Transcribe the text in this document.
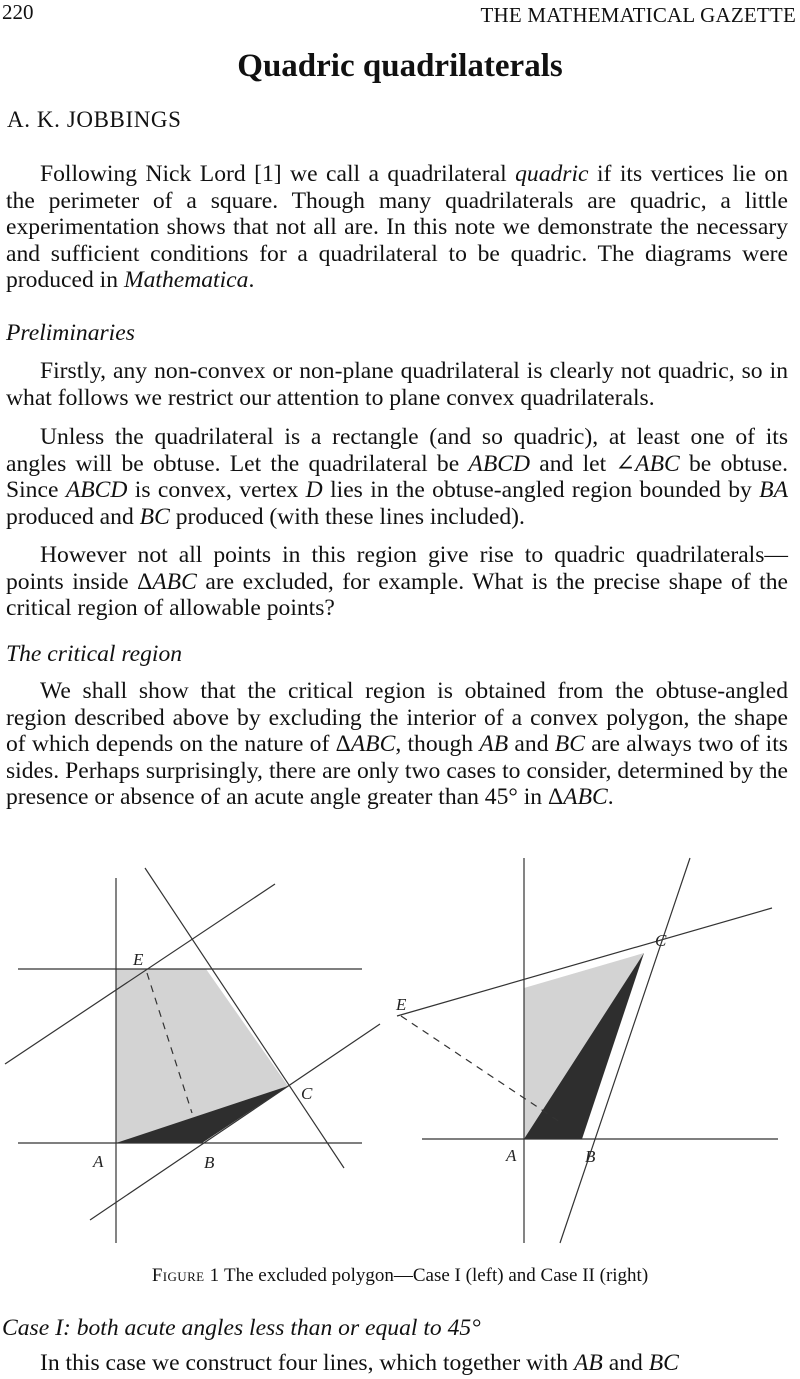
220	THE MATHEMATICAL GAZETTE
Quadric quadrilaterals
A. K. JOBBINGS

Following Nick Lord [1] we call a quadrilateral quadric if its vertices lie on the perimeter of a square. Though many quadrilaterals are quadric, a little experimentation shows that not all are. In this note we demonstrate the necessary and sufficient conditions for a quadrilateral to be quadric. The diagrams were produced in Mathematica.

Preliminaries

Firstly, any non-convex or non-plane quadrilateral is clearly not quadric, so in what follows we restrict our attention to plane convex quadrilaterals.

Unless the quadrilateral is a rectangle (and so quadric), at least one of its angles will be obtuse. Let the quadrilateral be ABCD and let ∠ABC be obtuse. Since ABCD is convex, vertex D lies in the obtuse-angled region bounded by BA produced and BC produced (with these lines included).

However not all points in this region give rise to quadric quadrilaterals—points inside ΔABC are excluded, for example. What is the precise shape of the critical region of allowable points?

The critical region

We shall show that the critical region is obtained from the obtuse-angled region described above by excluding the interior of a convex polygon, the shape of which depends on the nature of ΔABC, though AB and BC are always two of its sides. Perhaps surprisingly, there are only two cases to consider, determined by the presence or absence of an acute angle greater than 45° in ΔABC.

E
A	B
C
E
A	B
C
Figure 1 The excluded polygon—Case I (left) and Case II (right)
Case I: both acute angles less than or equal to 45°

In this case we construct four lines, which together with AB and BC
